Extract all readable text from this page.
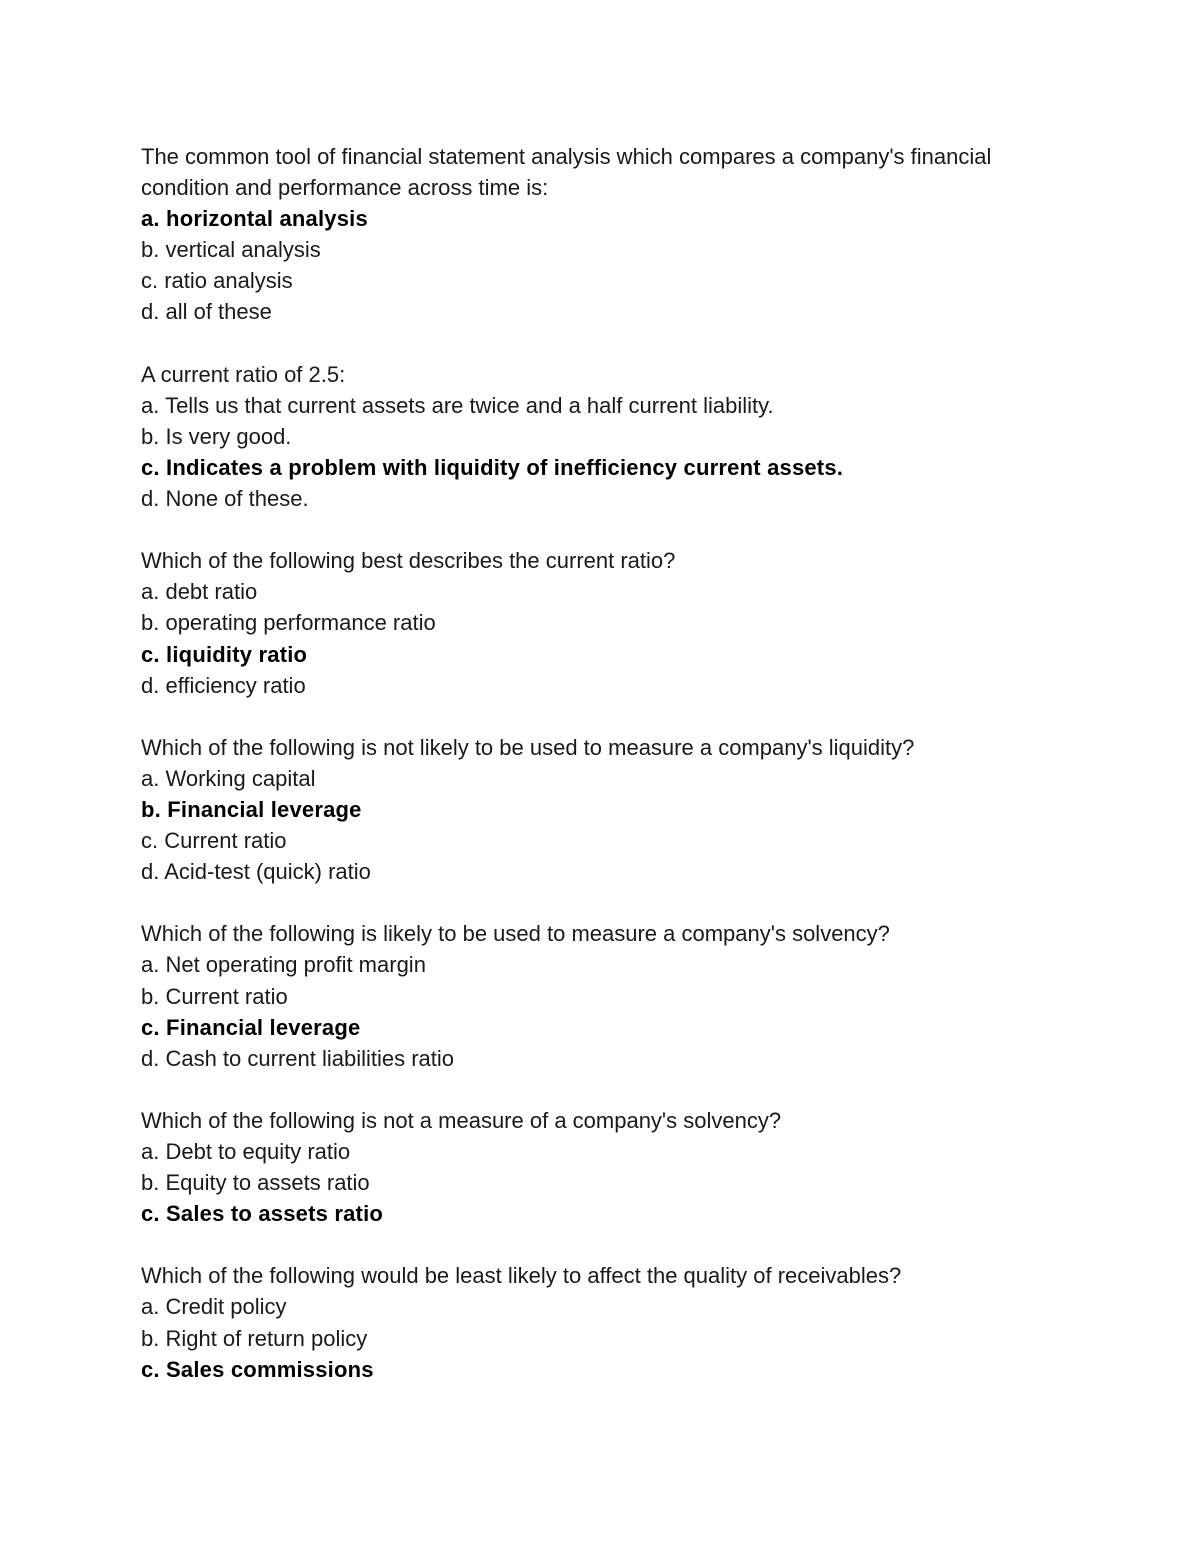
The common tool of financial statement analysis which compares a company's financial condition and performance across time is:
a. horizontal analysis
b. vertical analysis
c. ratio analysis
d. all of these
A current ratio of 2.5:
a. Tells us that current assets are twice and a half current liability.
b. Is very good.
c. Indicates a problem with liquidity of inefficiency current assets.
d. None of these.
Which of the following best describes the current ratio?
a. debt ratio
b. operating performance ratio
c. liquidity ratio
d. efficiency ratio
Which of the following is not likely to be used to measure a company's liquidity?
a. Working capital
b. Financial leverage
c. Current ratio
d. Acid-test (quick) ratio
Which of the following is likely to be used to measure a company's solvency?
a. Net operating profit margin
b. Current ratio
c. Financial leverage
d. Cash to current liabilities ratio
Which of the following is not a measure of a company's solvency?
a. Debt to equity ratio
b. Equity to assets ratio
c. Sales to assets ratio
Which of the following would be least likely to affect the quality of receivables?
a. Credit policy
b. Right of return policy
c. Sales commissions
